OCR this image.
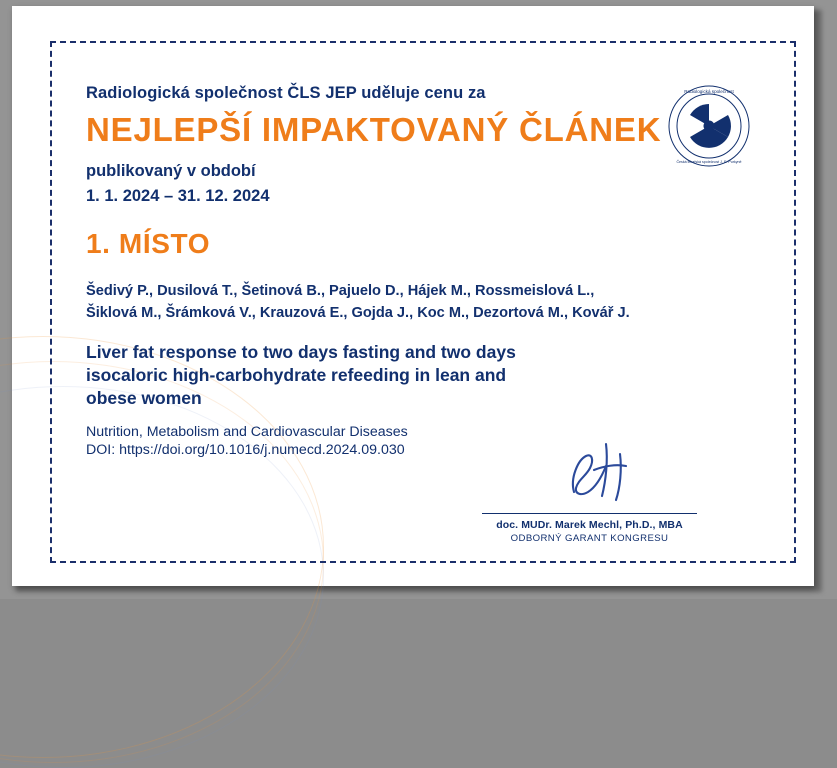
Radiologická společnost
Česká lékařská společnost J. E. Purkyně

Radiologická společnost ČLS JEP uděluje cenu za

NEJLEPŠÍ IMPAKTOVANÝ ČLÁNEK

publikovaný v období

1. 1. 2024 – 31. 12. 2024

1. MÍSTO

Šedivý P., Dusilová T., Šetinová B., Pajuelo D., Hájek M., Rossmeislová L.,
Šiklová M., Šrámková V., Krauzová E., Gojda J., Koc M., Dezortová M., Kovář J.

Liver fat response to two days fasting and two days
isocaloric high-carbohydrate refeeding in lean and
obese women

Nutrition, Metabolism and Cardiovascular Diseases

DOI: https://doi.org/10.1016/j.numecd.2024.09.030

doc. MUDr. Marek Mechl, Ph.D., MBA

ODBORNÝ GARANT KONGRESU
